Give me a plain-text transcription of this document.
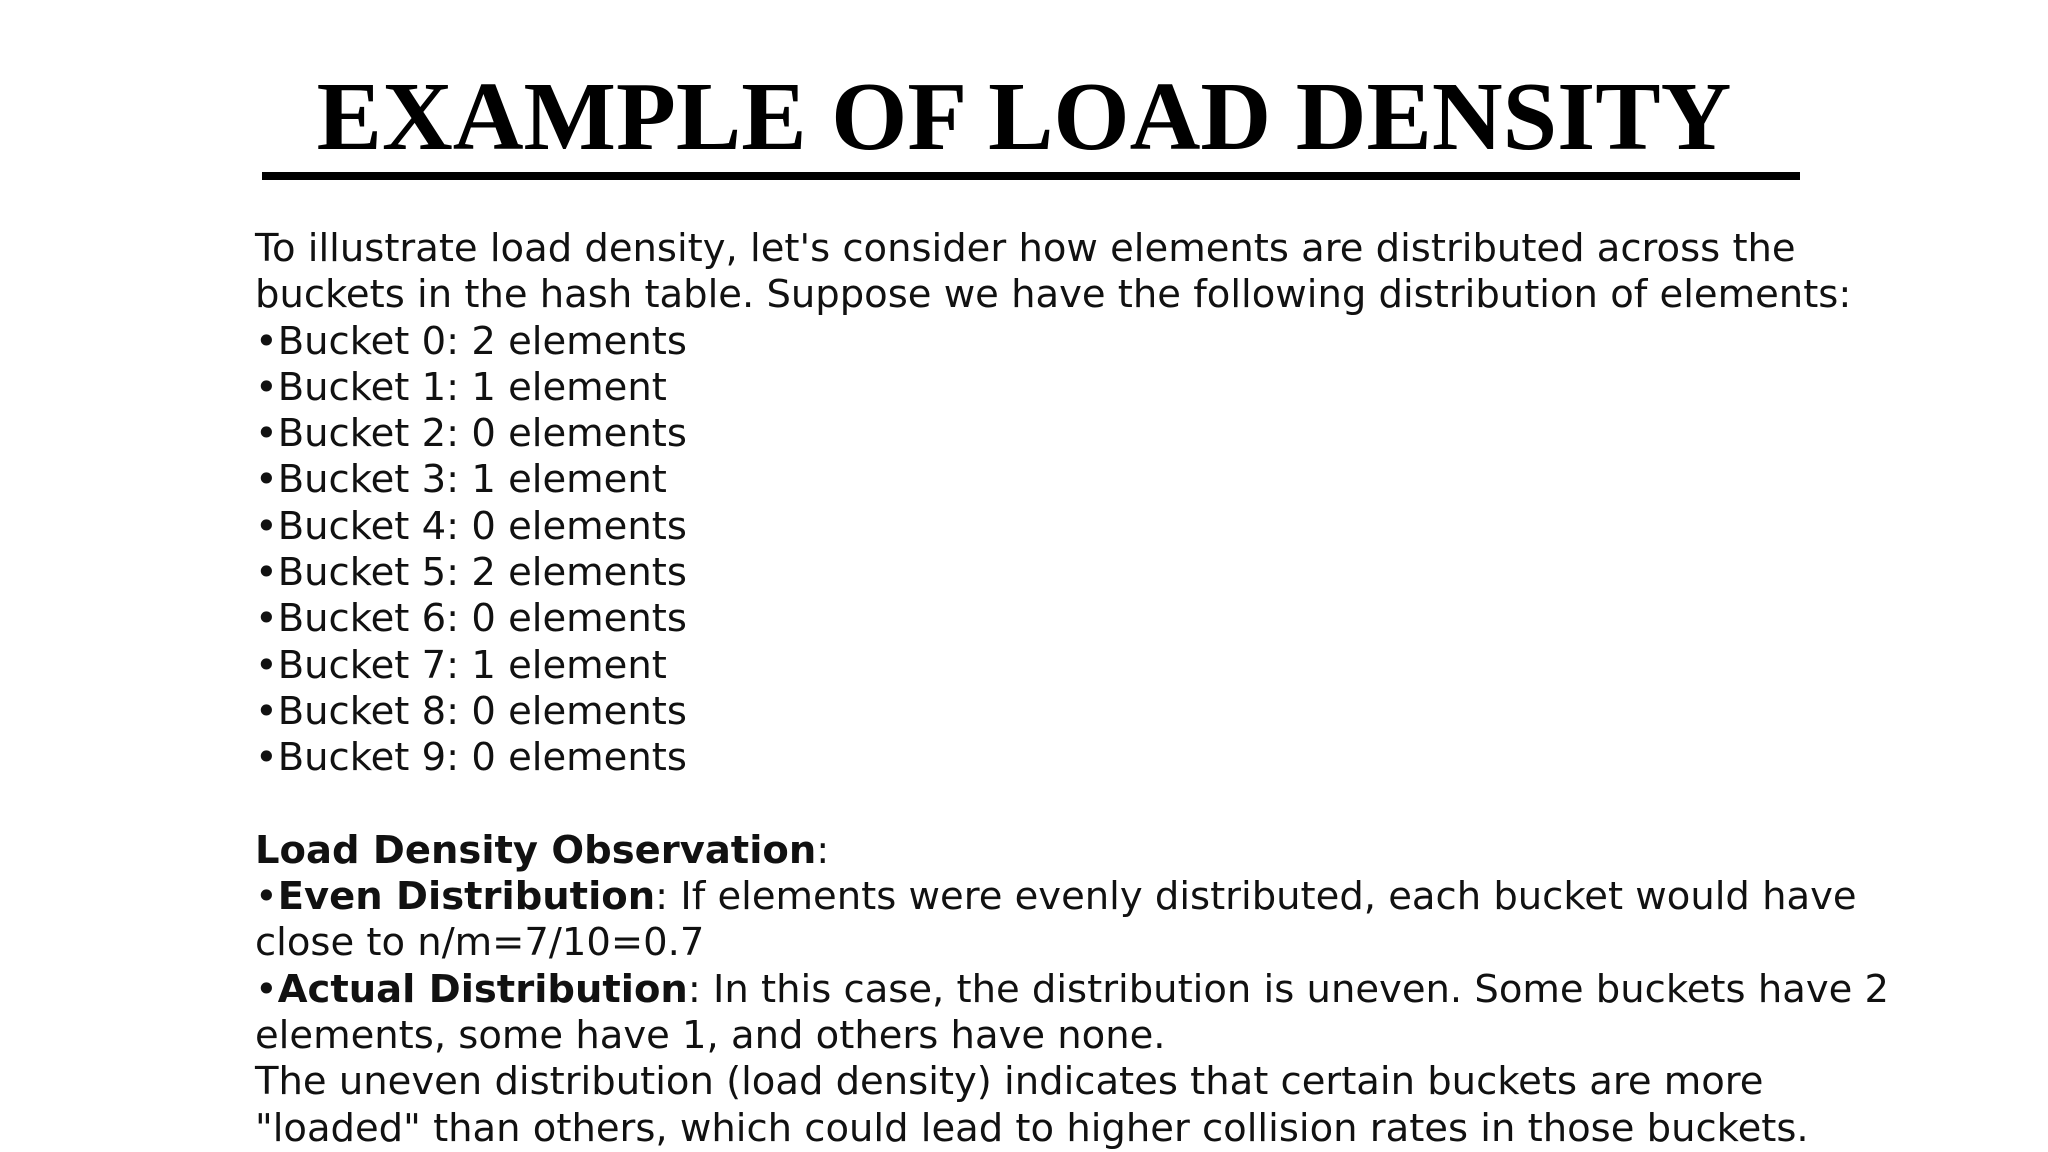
EXAMPLE OF LOAD DENSITY

To illustrate load density, let's consider how elements are distributed across the buckets in the hash table. Suppose we have the following distribution of elements:

•Bucket 0: 2 elements
•Bucket 1: 1 element
•Bucket 2: 0 elements
•Bucket 3: 1 element
•Bucket 4: 0 elements
•Bucket 5: 2 elements
•Bucket 6: 0 elements
•Bucket 7: 1 element
•Bucket 8: 0 elements
•Bucket 9: 0 elements

Load Density Observation:

•Even Distribution: If elements were evenly distributed, each bucket would have close to n/m=7/10=0.7

•Actual Distribution: In this case, the distribution is uneven. Some buckets have 2 elements, some have 1, and others have none.

The uneven distribution (load density) indicates that certain buckets are more "loaded" than others, which could lead to higher collision rates in those buckets.
